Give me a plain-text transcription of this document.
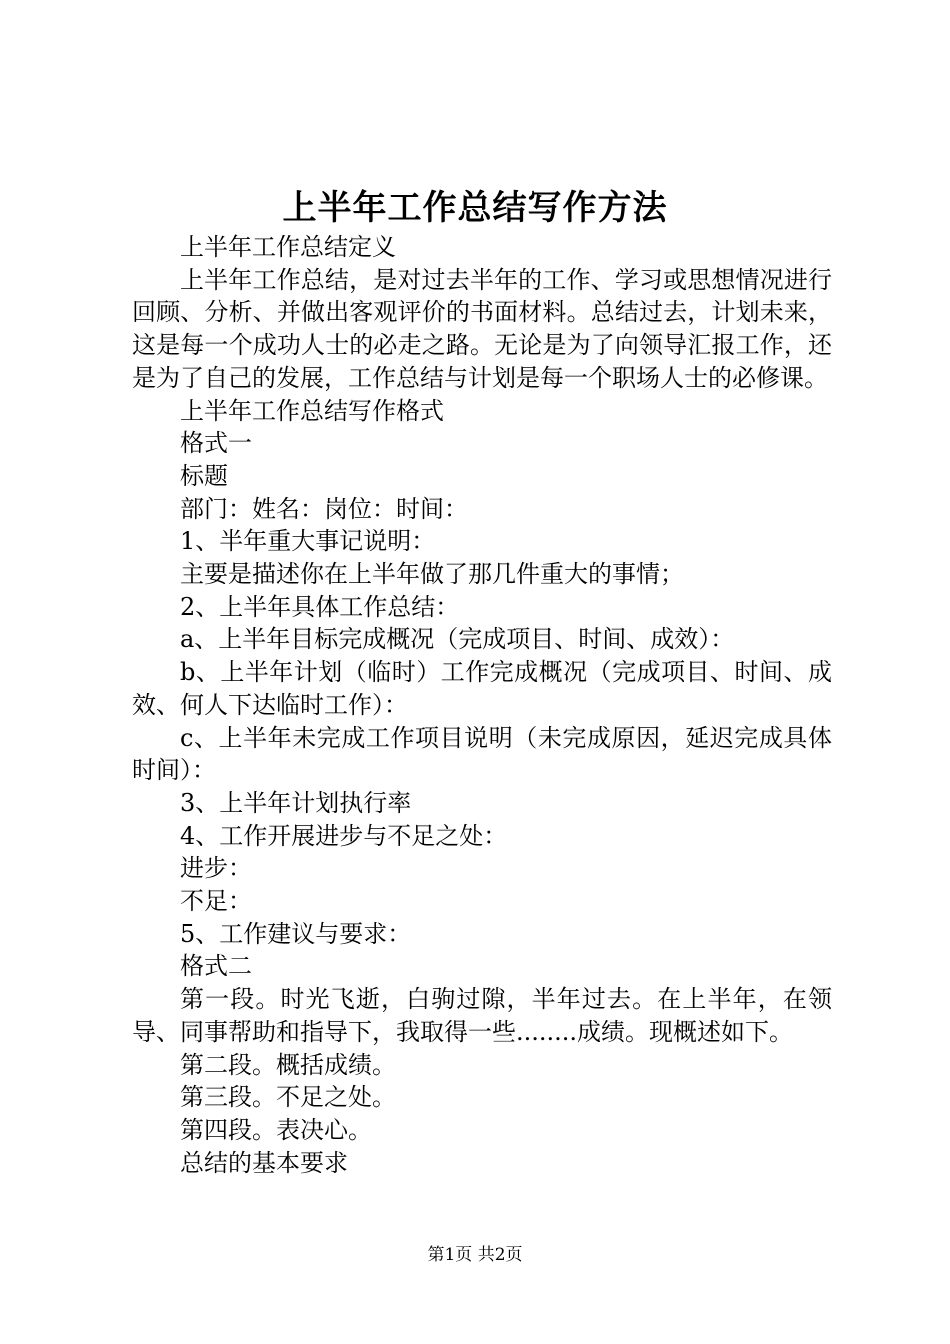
上半年工作总结写作方法

上半年工作总结定义

上半年工作总结，是对过去半年的工作、学习或思想情况进行回顾、分析、并做出客观评价的书面材料。总结过去，计划未来，这是每一个成功人士的必走之路。无论是为了向领导汇报工作，还是为了自己的发展，工作总结与计划是每一个职场人士的必修课。

上半年工作总结写作格式

格式一

标题

部门：姓名：岗位：时间：

1、半年重大事记说明：

主要是描述你在上半年做了那几件重大的事情；

2、上半年具体工作总结：

a、上半年目标完成概况（完成项目、时间、成效）：

b、上半年计划（临时）工作完成概况（完成项目、时间、成效、何人下达临时工作）：

c、上半年未完成工作项目说明（未完成原因，延迟完成具体时间）：

3、上半年计划执行率

4、工作开展进步与不足之处：

进步：

不足：

5、工作建议与要求：

格式二

第一段。时光飞逝，白驹过隙，半年过去。在上半年，在领导、同事帮助和指导下，我取得一些........成绩。现概述如下。

第二段。概括成绩。

第三段。不足之处。

第四段。表决心。

总结的基本要求

第1页 共2页
